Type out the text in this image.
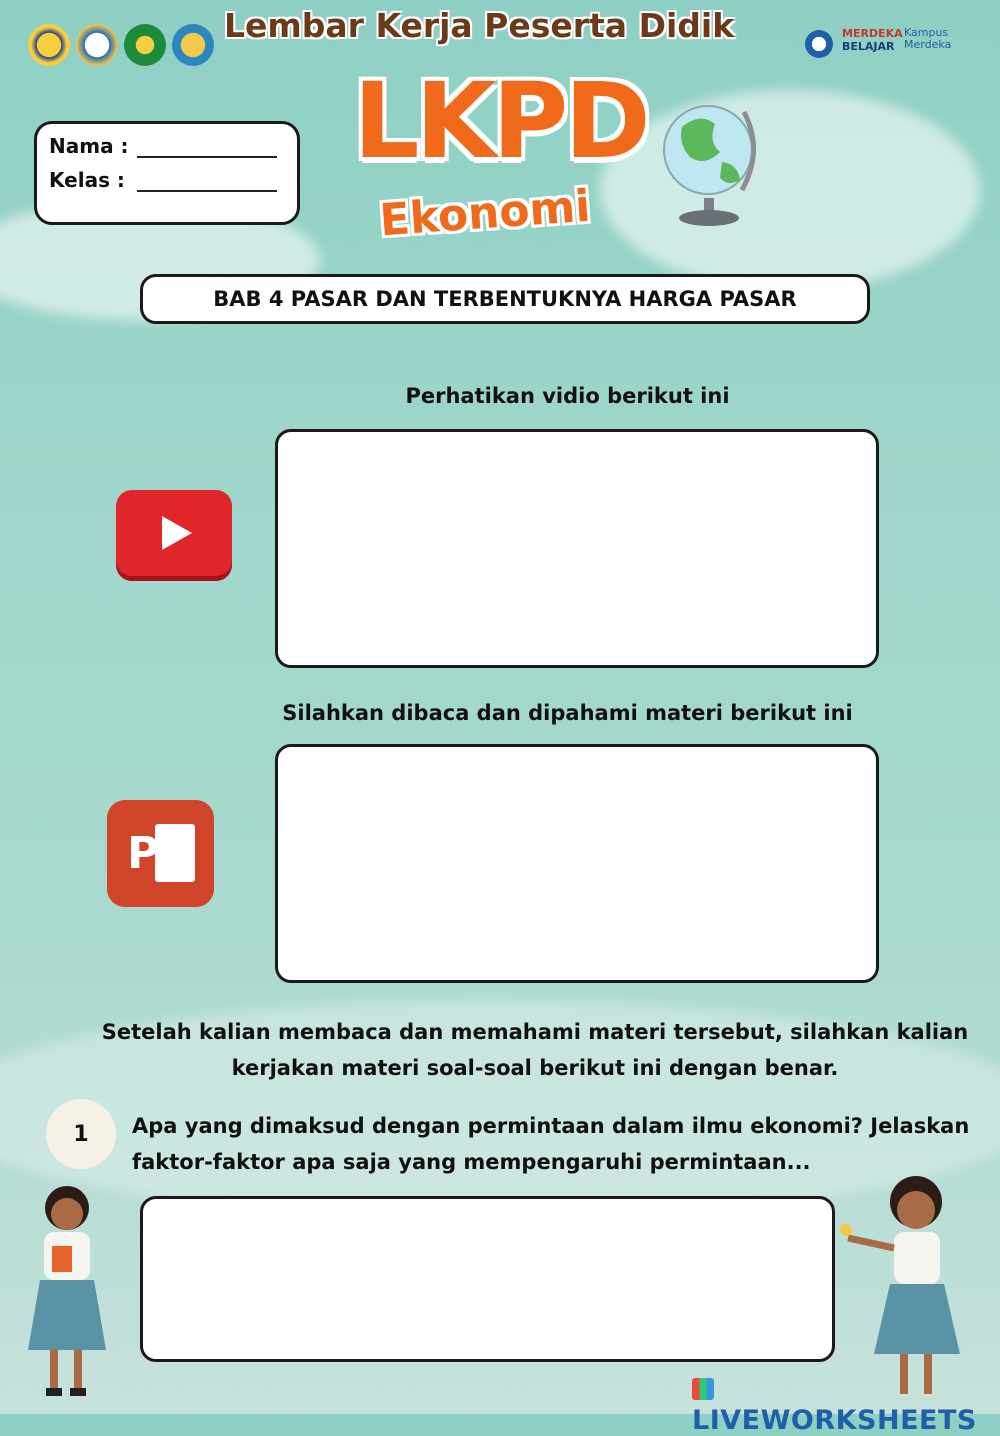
Lembar Kerja Peserta Didik	MERDEKA
BELAJAR
Kampus
Merdeka
LKPD
Ekonomi
Nama :
Kelas :
BAB 4 PASAR DAN TERBENTUKNYA HARGA PASAR
Perhatikan vidio berikut ini
Silahkan dibaca dan dipahami materi berikut ini
P
Setelah kalian membaca dan memahami materi tersebut, silahkan kalian kerjakan materi soal-soal berikut ini dengan benar.
1	Apa yang dimaksud dengan permintaan dalam ilmu ekonomi? Jelaskan faktor-faktor apa saja yang mempengaruhi permintaan...
LIVEWORKSHEETS
